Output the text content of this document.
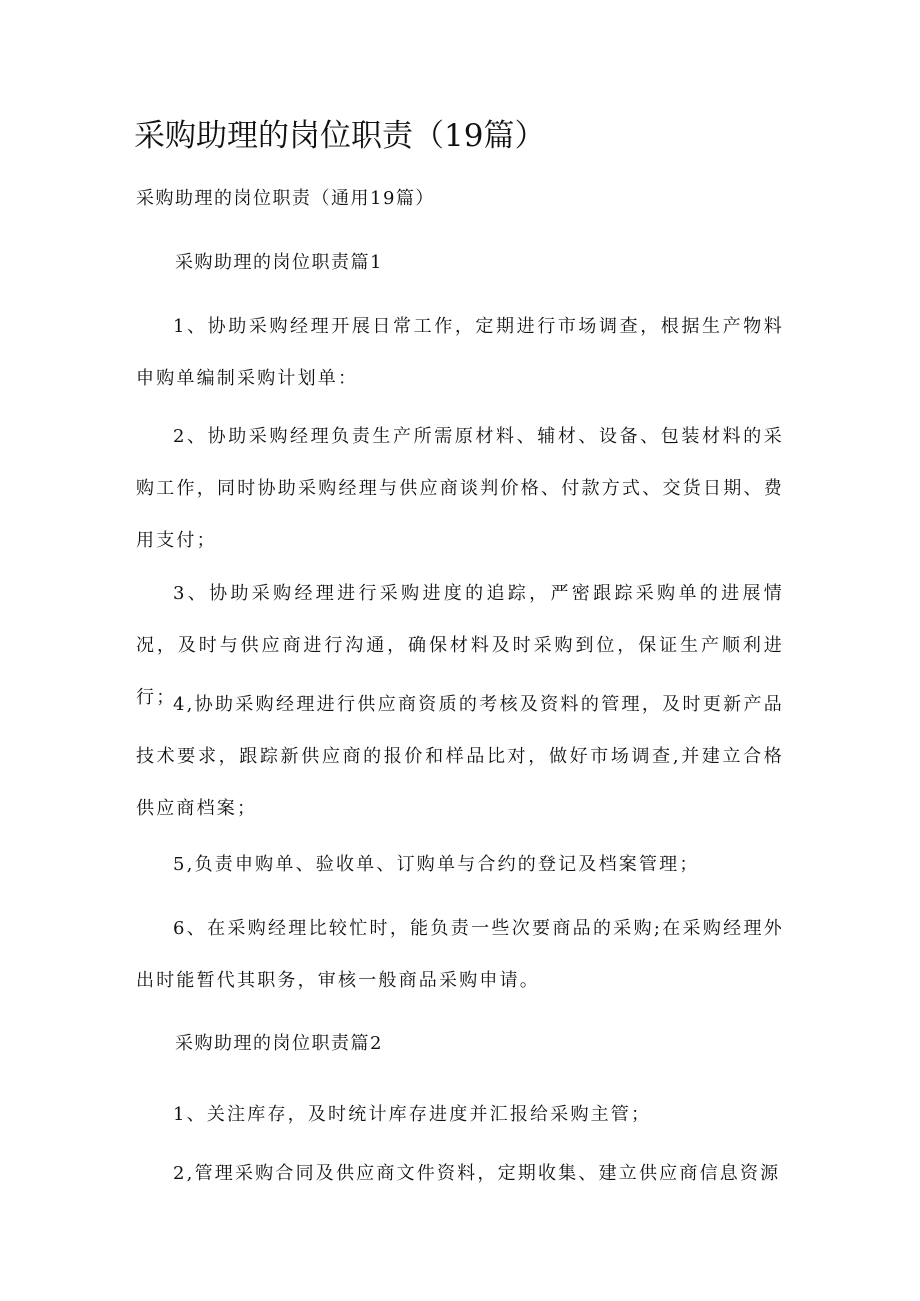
采购助理的岗位职责（19篇）

采购助理的岗位职责（通用19篇）

采购助理的岗位职责篇1

1、协助采购经理开展日常工作，定期进行市场调查，根据生产物料申购单编制采购计划单：

2、协助采购经理负责生产所需原材料、辅材、设备、包装材料的采购工作，同时协助采购经理与供应商谈判价格、付款方式、交货日期、费用支付；

3、协助采购经理进行采购进度的追踪，严密跟踪采购单的进展情况，及时与供应商进行沟通，确保材料及时采购到位，保证生产顺利进行；

4,协助采购经理进行供应商资质的考核及资料的管理，及时更新产品技术要求，跟踪新供应商的报价和样品比对，做好市场调查,并建立合格供应商档案；

5,负责申购单、验收单、订购单与合约的登记及档案管理；

6、在采购经理比较忙时，能负责一些次要商品的采购;在采购经理外出时能暂代其职务，审核一般商品采购申请。

采购助理的岗位职责篇2

1、关注库存，及时统计库存进度并汇报给采购主管；

2,管理采购合同及供应商文件资料，定期收集、建立供应商信息资源
